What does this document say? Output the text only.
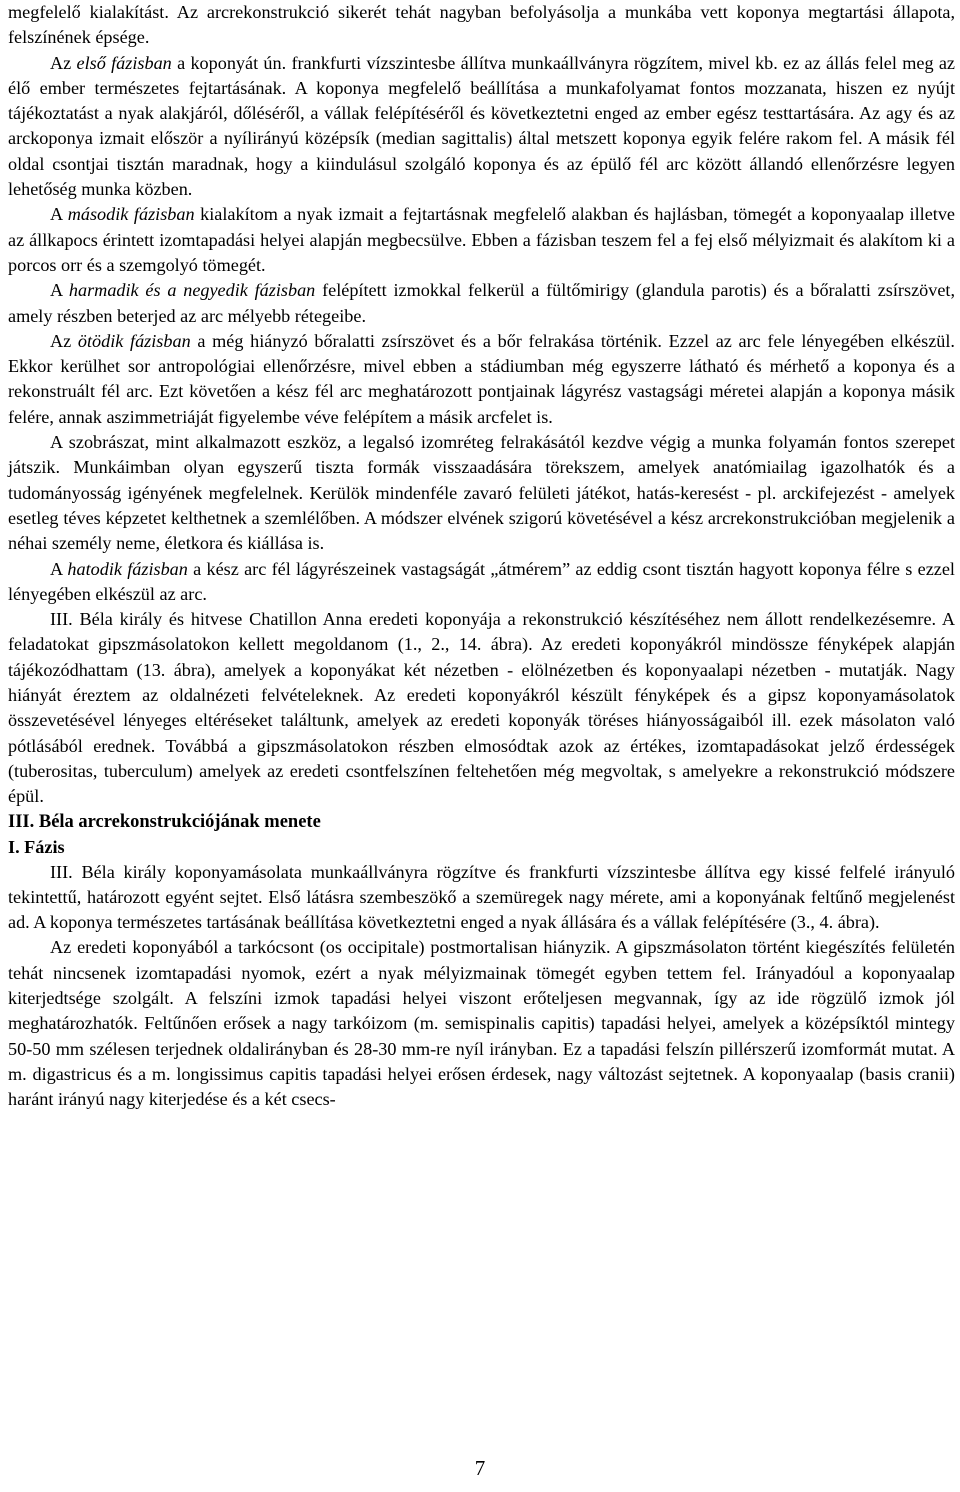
megfelelő kialakítást. Az arcrekonstrukció sikerét tehát nagyban befolyásolja a munkába vett koponya megtartási állapota, felszínének épsége.

Az első fázisban a koponyát ún. frankfurti vízszintesbe állítva munkaállványra rögzítem, mivel kb. ez az állás felel meg az élő ember természetes fejtartásának. A koponya megfelelő beállítása a munkafolyamat fontos mozzanata, hiszen ez nyújt tájékoztatást a nyak alakjáról, dőléséről, a vállak felépítéséről és következtetni enged az ember egész testtartására. Az agy és az arckoponya izmait először a nyílirányú középsík (median sagittalis) által metszett koponya egyik felére rakom fel. A másik fél oldal csontjai tisztán maradnak, hogy a kiindulásul szolgáló koponya és az épülő fél arc között állandó ellenőrzésre legyen lehetőség munka közben.

A második fázisban kialakítom a nyak izmait a fejtartásnak megfelelő alakban és hajlásban, tömegét a koponyaalap illetve az állkapocs érintett izomtapadási helyei alapján megbecsülve. Ebben a fázisban teszem fel a fej első mélyizmait és alakítom ki a porcos orr és a szemgolyó tömegét.

A harmadik és a negyedik fázisban felépített izmokkal felkerül a fültőmirigy (glandula parotis) és a bőralatti zsírszövet, amely részben beterjed az arc mélyebb rétegeibe.

Az ötödik fázisban a még hiányzó bőralatti zsírszövet és a bőr felrakása történik. Ezzel az arc fele lényegében elkészül. Ekkor kerülhet sor antropológiai ellenőrzésre, mivel ebben a stádiumban még egyszerre látható és mérhető a koponya és a rekonstruált fél arc. Ezt követően a kész fél arc meghatározott pontjainak lágyrész vastagsági méretei alapján a koponya másik felére, annak aszimmetriáját figyelembe véve felépítem a másik arcfelet is.

A szobrászat, mint alkalmazott eszköz, a legalsó izomréteg felrakásától kezdve végig a munka folyamán fontos szerepet játszik. Munkáimban olyan egyszerű tiszta formák visszaadására törekszem, amelyek anatómiailag igazolhatók és a tudományosság igényének megfelelnek. Kerülök mindenféle zavaró felületi játékot, hatás-keresést - pl. arckifejezést - amelyek esetleg téves képzetet kelthetnek a szemlélőben. A módszer elvének szigorú követésével a kész arcrekonstrukcióban megjelenik a néhai személy neme, életkora és kiállása is.

A hatodik fázisban a kész arc fél lágyrészeinek vastagságát „átmérem” az eddig csont tisztán hagyott koponya félre s ezzel lényegében elkészül az arc.

III. Béla király és hitvese Chatillon Anna eredeti koponyája a rekonstrukció készítéséhez nem állott rendelkezésemre. A feladatokat gipszmásolatokon kellett megoldanom (1., 2., 14. ábra). Az eredeti koponyákról mindössze fényképek alapján tájékozódhattam (13. ábra), amelyek a koponyákat két nézetben - elölnézetben és koponyaalapi nézetben - mutatják. Nagy hiányát éreztem az oldalnézeti felvételeknek. Az eredeti koponyákról készült fényképek és a gipsz koponyamásolatok összevetésével lényeges eltéréseket találtunk, amelyek az eredeti koponyák töréses hiányosságaiból ill. ezek másolaton való pótlásából erednek. Továbbá a gipszmásolatokon részben elmosódtak azok az értékes, izomtapadásokat jelző érdességek (tuberositas, tuberculum) amelyek az eredeti csontfelszínen feltehetően még megvoltak, s amelyekre a rekonstrukció módszere épül.

III. Béla arcrekonstrukciójának menete

I. Fázis

III. Béla király koponyamásolata munkaállványra rögzítve és frankfurti vízszintesbe állítva egy kissé felfelé irányuló tekintettű, határozott egyént sejtet. Első látásra szembeszökő a szemüregek nagy mérete, ami a koponyának feltűnő megjelenést ad. A koponya természetes tartásának beállítása következtetni enged a nyak állására és a vállak felépítésére (3., 4. ábra).

Az eredeti koponyából a tarkócsont (os occipitale) postmortalisan hiányzik. A gipszmásolaton történt kiegészítés felületén tehát nincsenek izomtapadási nyomok, ezért a nyak mélyizmainak tömegét egyben tettem fel. Irányadóul a koponyaalap kiterjedtsége szolgált. A felszíni izmok tapadási helyei viszont erőteljesen megvannak, így az ide rögzülő izmok jól meghatározhatók. Feltűnően erősek a nagy tarkóizom (m. semispinalis capitis) tapadási helyei, amelyek a középsíktól mintegy 50-50 mm szélesen terjednek oldalirányban és 28-30 mm-re nyíl irányban. Ez a tapadási felszín pillérszerű izomformát mutat. A m. digastricus és a m. longissimus capitis tapadási helyei erősen érdesek, nagy változást sejtetnek. A koponyaalap (basis cranii) haránt irányú nagy kiterjedése és a két csecs-

7
